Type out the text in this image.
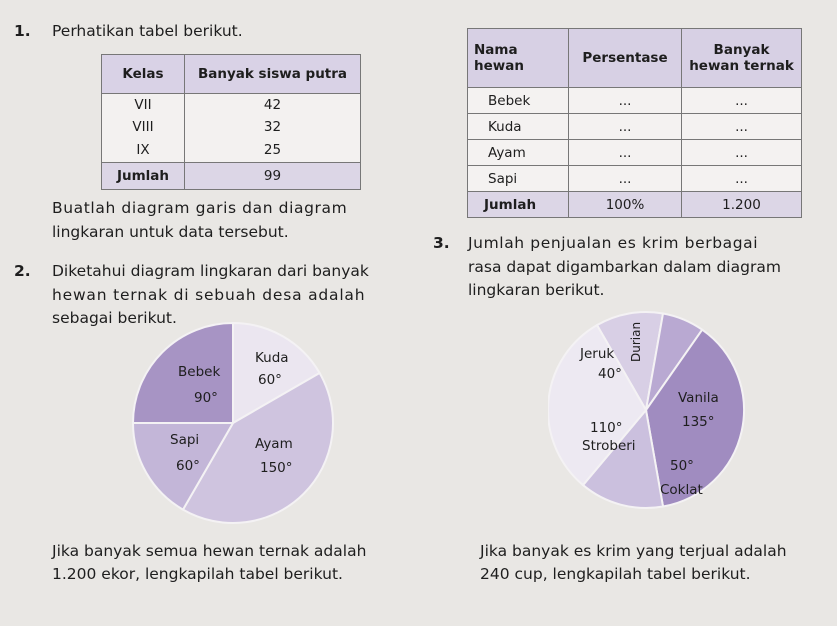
1. Perhatikan tabel berikut.
Kelas	Banyak siswa putra
VII	42
VIII	32
IX	25
Jumlah	99
Buatlah diagram garis dan diagram
lingkaran untuk data tersebut.
Nama hewan	Persentase	Banyak hewan ternak
Bebek	...	...
Kuda	...	...
Ayam	...	...
Sapi	...	...
Jumlah	100%	1.200
2. Diketahui diagram lingkaran dari banyak
hewan ternak di sebuah desa adalah
sebagai berikut.
3. Jumlah penjualan es krim berbagai
rasa dapat digambarkan dalam diagram
lingkaran berikut.
Bebek
90°
Kuda
60°
Ayam
150°
Sapi
60°
Jeruk
40°
Durian
Vanila
135°
50°
Coklat
110°
Stroberi
Jika banyak semua hewan ternak adalah
1.200 ekor, lengkapilah tabel berikut.
Jika banyak es krim yang terjual adalah
240 cup, lengkapilah tabel berikut.
